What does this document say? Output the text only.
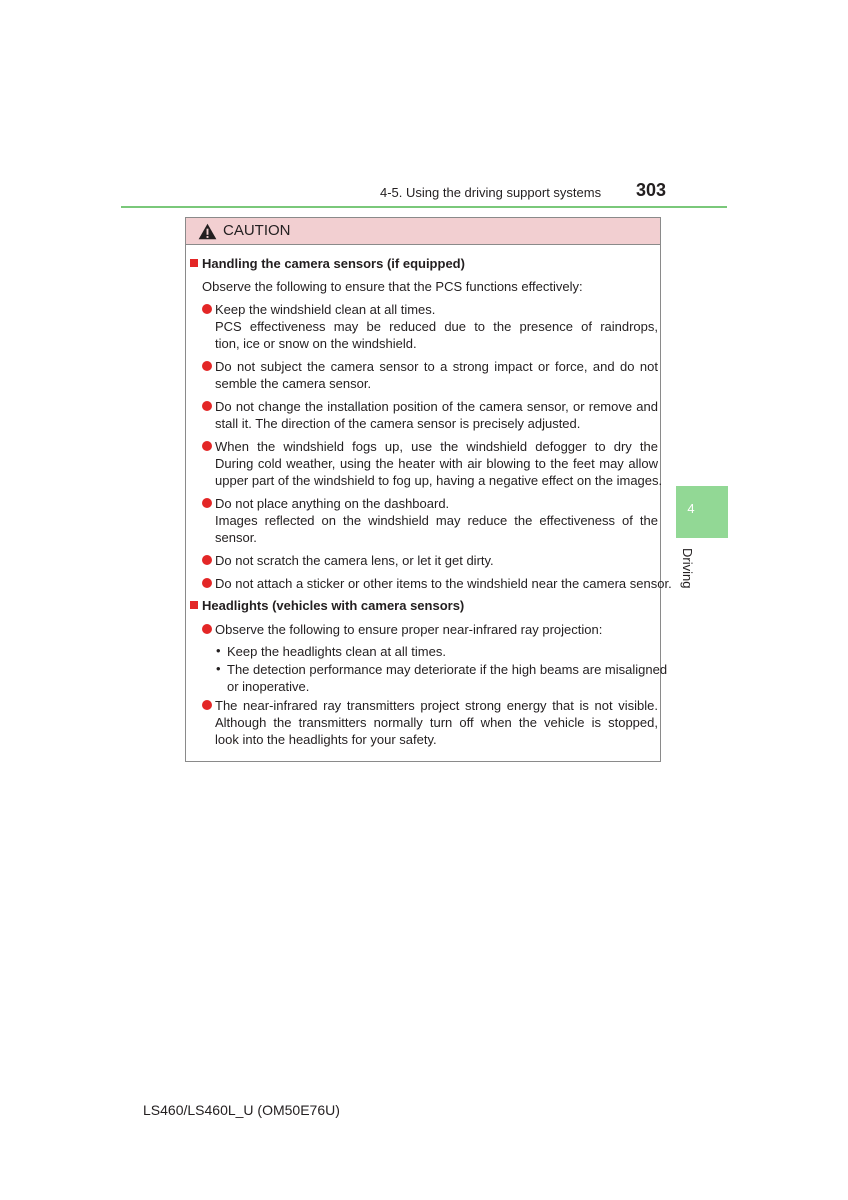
4-5. Using the driving support systems 303
4
Driving
CAUTION
Handling the camera sensors (if equipped)
Observe the following to ensure that the PCS functions effectively:
Keep the windshield clean at all times.
PCS effectiveness may be reduced due to the presence of raindrops,
tion, ice or snow on the windshield.
Do not subject the camera sensor to a strong impact or force, and do not
semble the camera sensor.
Do not change the installation position of the camera sensor, or remove and
stall it. The direction of the camera sensor is precisely adjusted.
When the windshield fogs up, use the windshield defogger to dry the
During cold weather, using the heater with air blowing to the feet may allow
upper part of the windshield to fog up, having a negative effect on the images.
Do not place anything on the dashboard.
Images reflected on the windshield may reduce the effectiveness of the
sensor.
Do not scratch the camera lens, or let it get dirty.
Do not attach a sticker or other items to the windshield near the camera sensor.
Headlights (vehicles with camera sensors)
Observe the following to ensure proper near-infrared ray projection:
• Keep the headlights clean at all times.
• The detection performance may deteriorate if the high beams are misaligned
or inoperative.
The near-infrared ray transmitters project strong energy that is not visible.
Although the transmitters normally turn off when the vehicle is stopped,
look into the headlights for your safety.
LS460/LS460L_U (OM50E76U)
